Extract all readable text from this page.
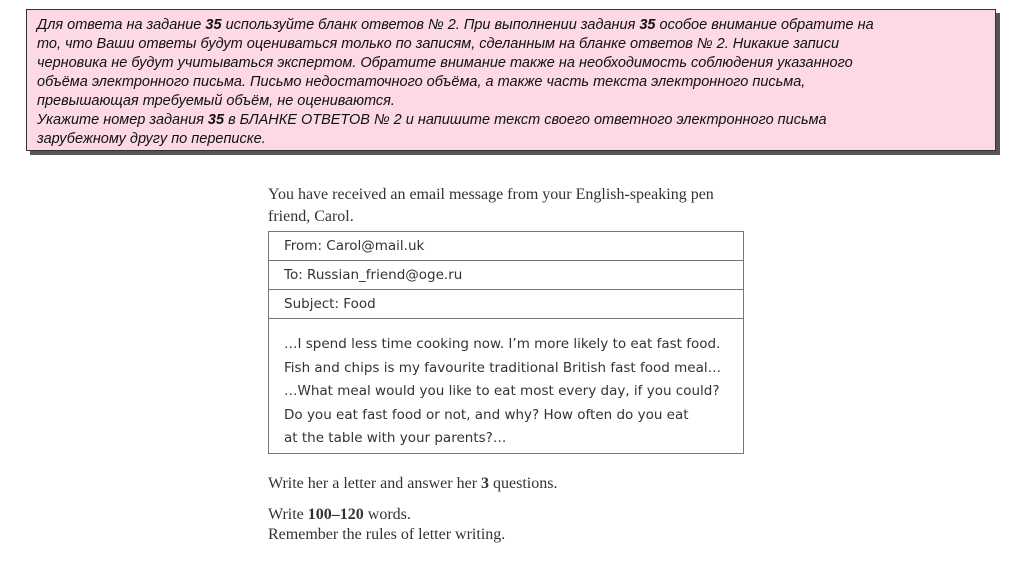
Для ответа на задание 35 используйте бланк ответов № 2. При выполнении задания 35 особое внимание обратите на

то, что Ваши ответы будут оцениваться только по записям, сделанным на бланке ответов № 2. Никакие записи

черновика не будут учитываться экспертом. Обратите внимание также на необходимость соблюдения указанного

объёма электронного письма. Письмо недостаточного объёма, а также часть текста электронного письма,

превышающая требуемый объём, не оцениваются.

Укажите номер задания 35 в БЛАНКЕ ОТВЕТОВ № 2 и напишите текст своего ответного электронного письма

зарубежному другу по переписке.

You have received an email message from your English-speaking pen
friend, Carol.

From: Carol@mail.uk
To: Russian_friend@oge.ru
Subject: Food
…I spend less time cooking now. I’m more likely to eat fast food.
Fish and chips is my favourite traditional British fast food meal…
…What meal would you like to eat most every day, if you could?
Do you eat fast food or not, and why? How often do you eat
at the table with your parents?…

Write her a letter and answer her 3 questions.

Write 100–120 words.

Remember the rules of letter writing.
